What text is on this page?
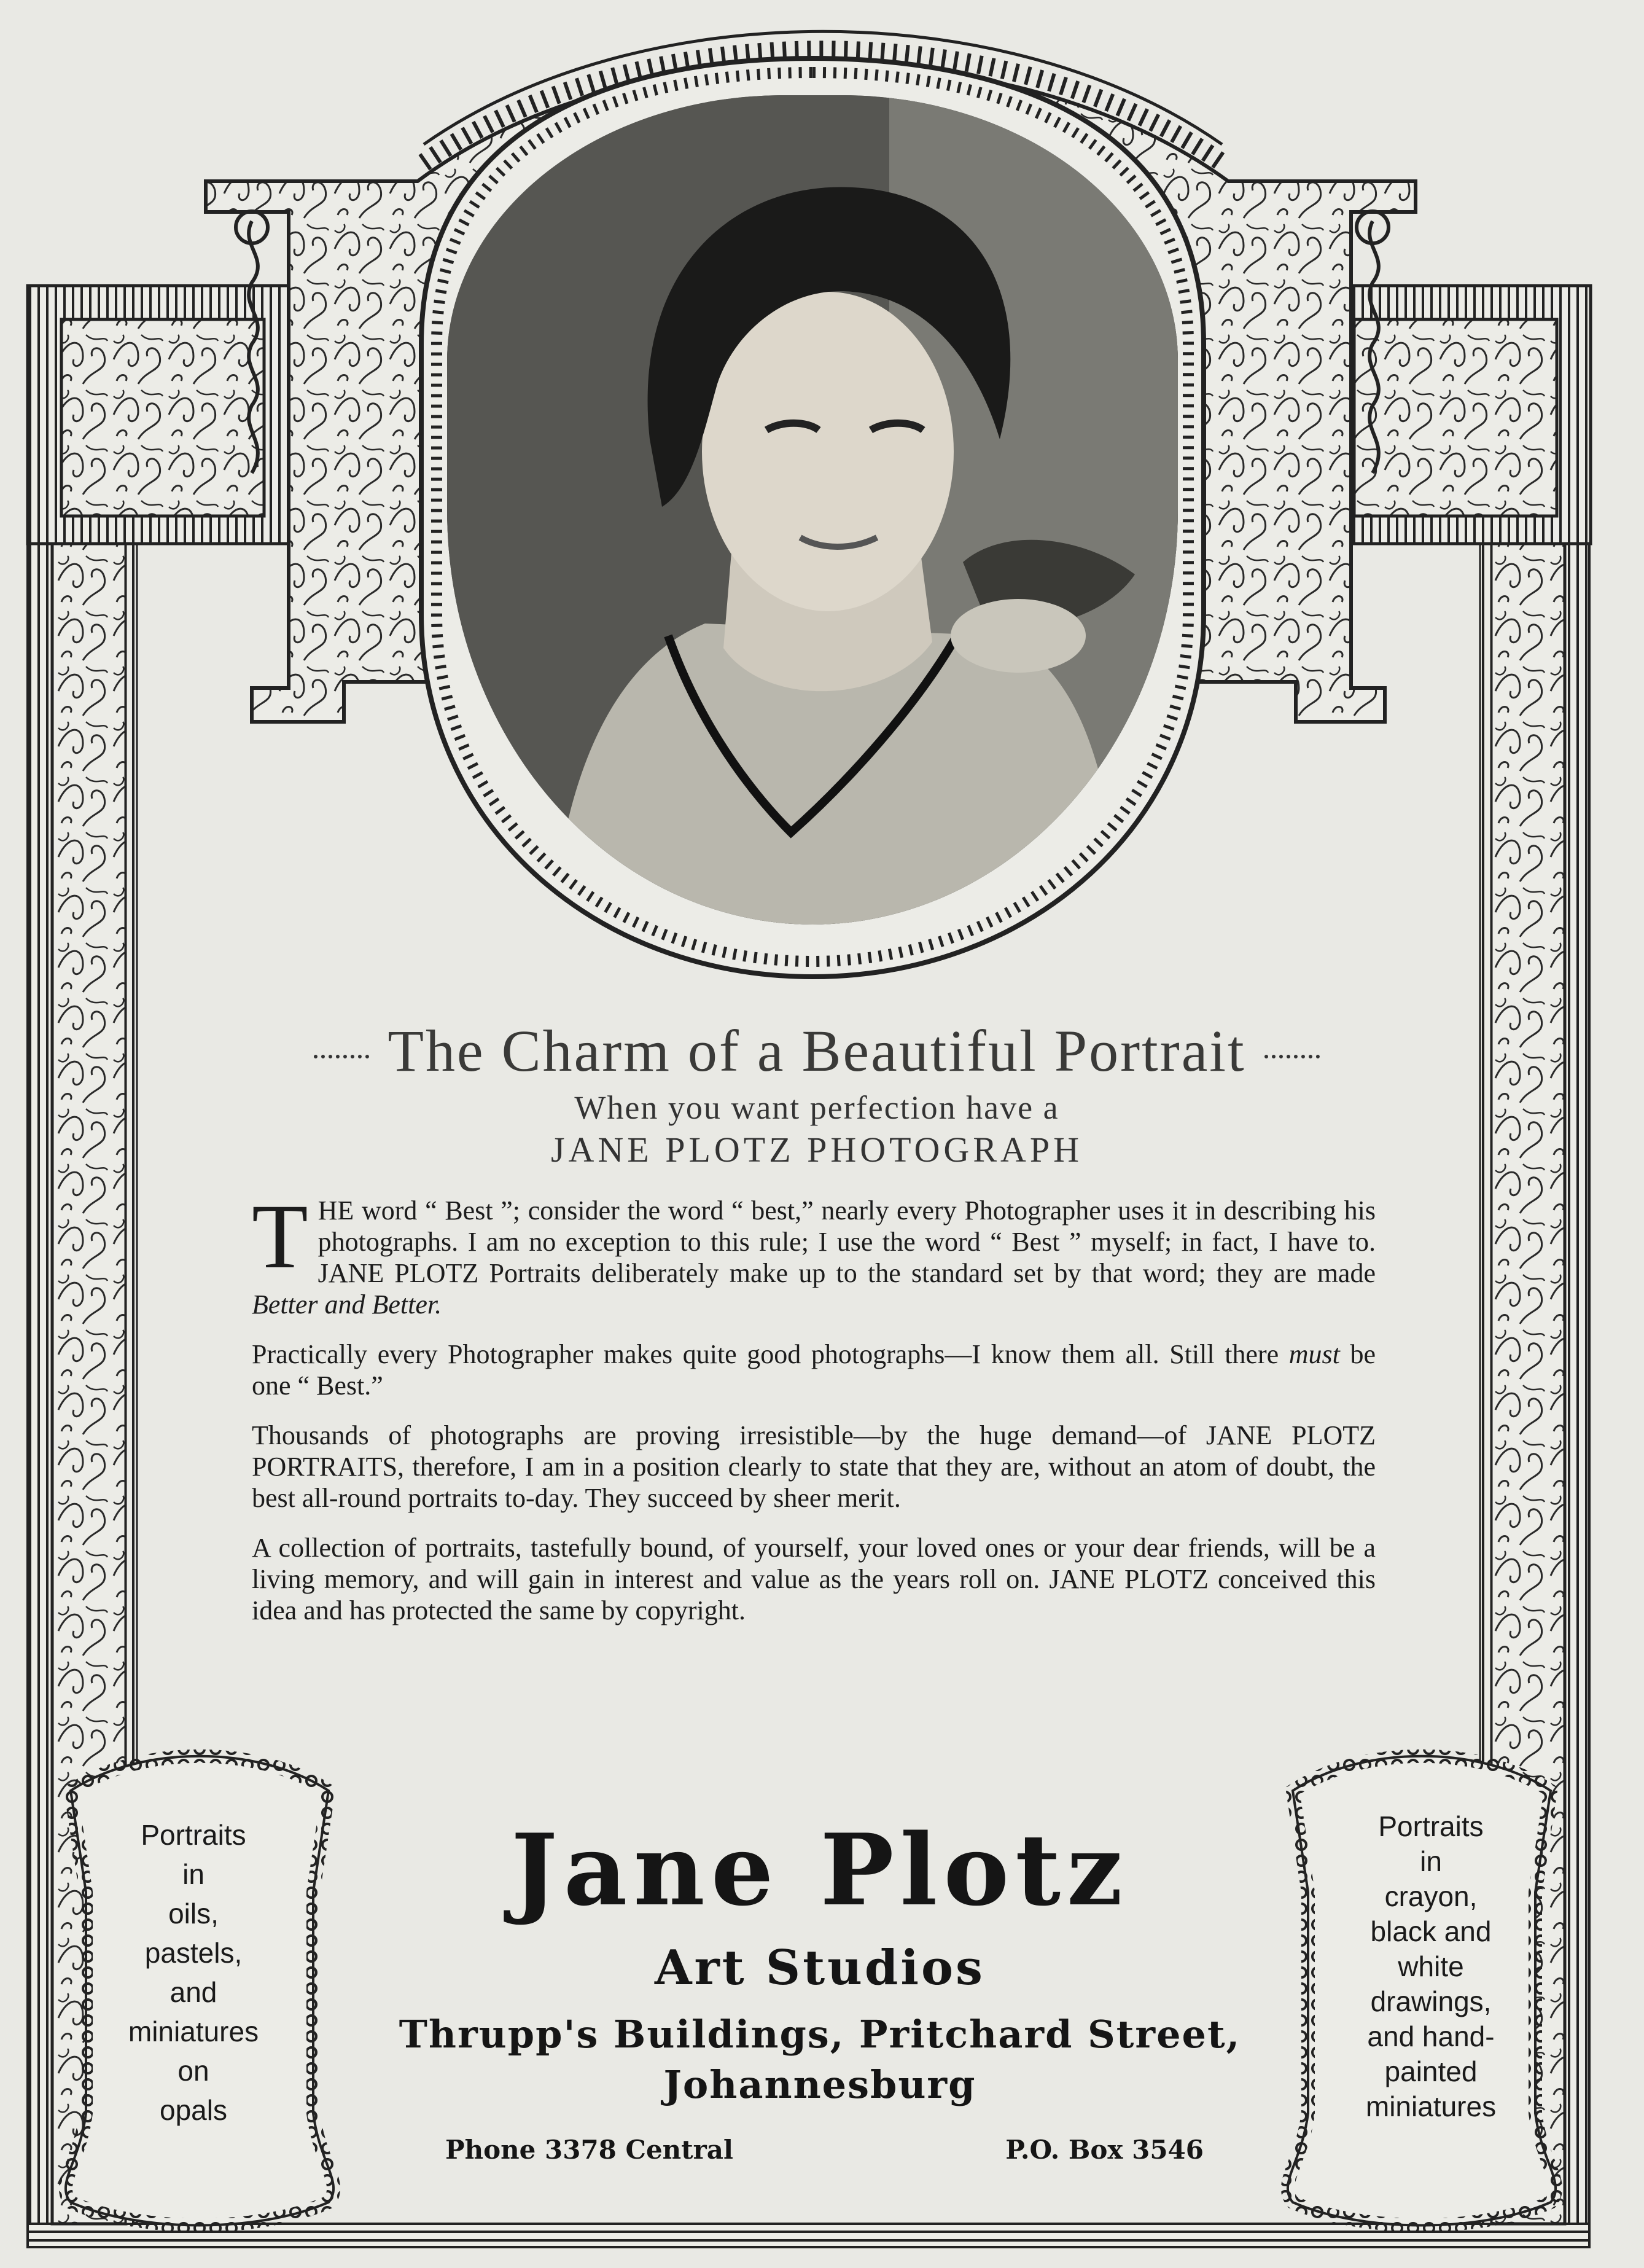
The Charm of a Beautiful Portrait
When you want perfection have a
JANE PLOTZ PHOTOGRAPH

THE word “ Best ”; consider the word “ best,” nearly every Photographer uses it in describing his photographs. I am no exception to this rule; I use the word “ Best ” myself; in fact, I have to. JANE PLOTZ Portraits deliberately make up to the standard set by that word; they are made Better and Better.

Practically every Photographer makes quite good photographs—I know them all. Still there must be one “ Best.”

Thousands of photographs are proving irresistible—by the huge demand—of JANE PLOTZ PORTRAITS, therefore, I am in a position clearly to state that they are, without an atom of doubt, the best all-round portraits to-day. They succeed by sheer merit.

A collection of portraits, tastefully bound, of yourself, your loved ones or your dear friends, will be a living memory, and will gain in interest and value as the years roll on. JANE PLOTZ conceived this idea and has protected the same by copyright.

Portraits
in
oils,
pastels,
and
miniatures
on
opals
Portraits
in
crayon,
black and
white
drawings,
and hand-
painted
miniatures
Jane Plotz
Art Studios
Thrupp's Buildings, Pritchard Street,
Johannesburg
Phone 3378 Central	P.O. Box 3546
